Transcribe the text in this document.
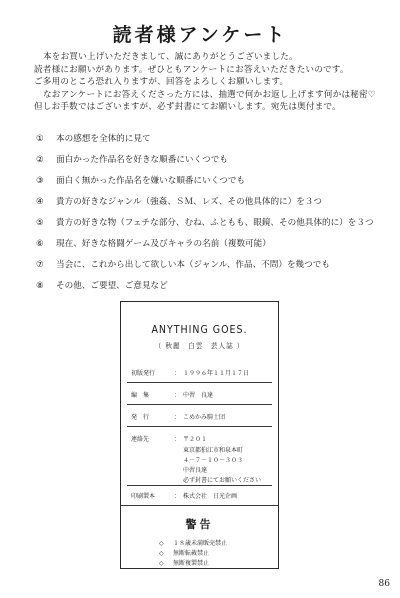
読者様アンケート
本をお買い上げいただきまして、誠にありがとうございました。
読者様にお願いがあります。ぜひともアンケートにお答えいただきたいのです。
ご多用のところ恐れ入りますが、回答をよろしくお願いします。
なおアンケートにお答えくださった方には、抽選で何かお返し上げます何かは秘密♡
但しお手数ではございますが、必ず封書にてお願いします。宛先は奥付まで。
① 本の感想を全体的に見て
② 面白かった作品名を好きな順番にいくつでも
③ 面白く無かった作品名を嫌いな順番にいくつでも
④ 貴方の好きなジャンル（強姦、ＳＭ、レズ、その他具体的に）を３つ
⑤ 貴方の好きな物（フェチな部分、むね、ふともも、眼鏡、その他具体的に）を３つ
⑥ 現在、好きな格闘ゲーム及びキャラの名前（複数可能）
⑦ 当会に、これから出して欲しい本（ジャンル、作品、不問）を幾つでも
⑧ その他、ご要望、ご意見など
ANYTHING GOES.
（ 秋麗　白雲　芸人誌 ）
初版発行	：　１９９６年１１月１７日
編　集	：　中習　良達
発　行	：　こめかみ騎士団
連絡先	：　〒２０１
東京都狛江市和泉本町
４－７－１０－３０３
中習良達
必ず封書にてお願いください
印刷製本	：　株式会社　日光企画
警告
◇ １８歳未満販売禁止
◇ 無断転載禁止
◇ 無断複製禁止
86
